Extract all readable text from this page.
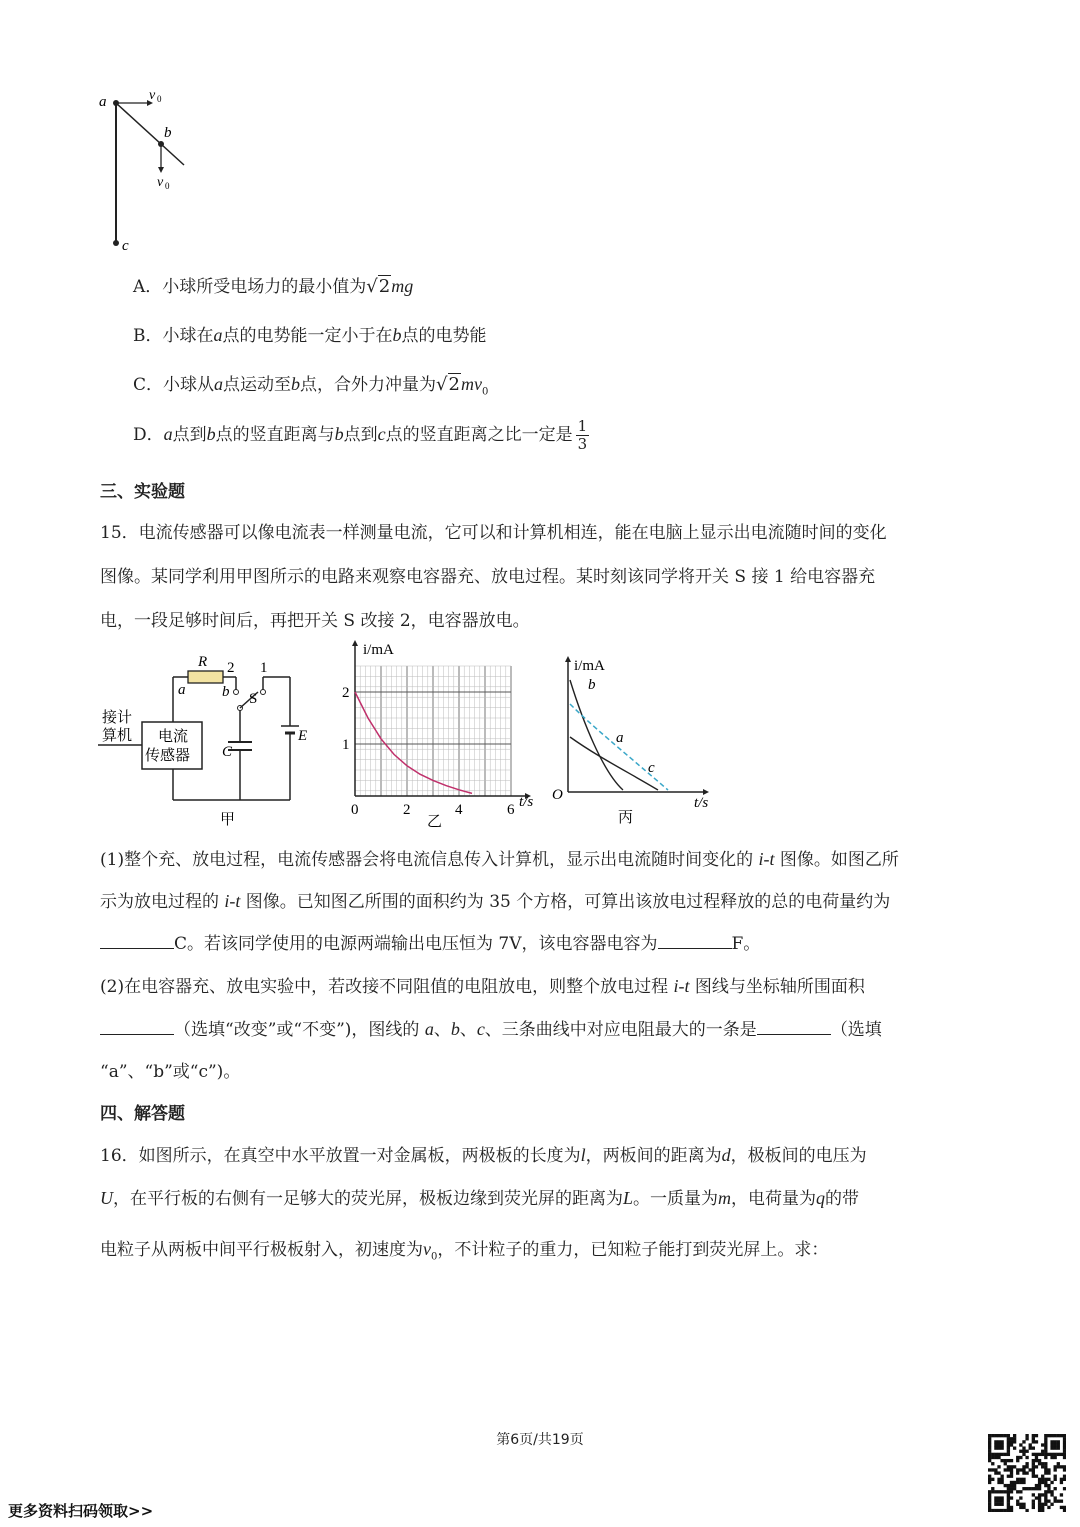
a
b
c
v 0
v 0
A．小球所受电场力的最小值为√2mg
B．小球在a点的电势能一定小于在b点的电势能
C．小球从a点运动至b点，合外力冲量为$√2mv_0$
D．a点到b点的竖直距离与b点到c点的竖直距离之比一定是 $\frac{1}{3}$
三、实验题
15．电流传感器可以像电流表一样测量电流，它可以和计算机相连，能在电脑上显示出电流随时间的变化
图像。某同学利用甲图所示的电路来观察电容器充、放电过程。某时刻该同学将开关 S 接 1 给电容器充
电，一段足够时间后，再把开关 S 改接 2，电容器放电。
R 2 1
a b S
C
E
接计
算机 电流
传感器
甲
0	2	4	6
1
2
i/mA
t/s
乙
i/mA
t/s
O
b
a
c
丙
(1)整个充、放电过程，电流传感器会将电流信息传入计算机，显示出电流随时间变化的 i-t 图像。如图乙所
示为放电过程的 i-t 图像。已知图乙所围的面积约为 35 个方格，可算出该放电过程释放的总的电荷量约为
C。若该同学使用的电源两端输出电压恒为 7V，该电容器电容为	F。
(2)在电容器充、放电实验中，若改接不同阻值的电阻放电，则整个放电过程 i-t 图线与坐标轴所围面积
（选填“改变”或“不变”)，图线的 a、b、c、三条曲线中对应电阻最大的一条是	（选填
“a”、“b”或“c”)。
四、解答题
16．如图所示，在真空中水平放置一对金属板，两极板的长度为l，两板间的距离为d，极板间的电压为
U，在平行板的右侧有一足够大的荧光屏，极板边缘到荧光屏的距离为L。一质量为m，电荷量为q的带
电粒子从两板中间平行极板射入，初速度为$v_0$，不计粒子的重力，已知粒子能打到荧光屏上。求：
第6页/共19页
更多资料扫码领取>>
